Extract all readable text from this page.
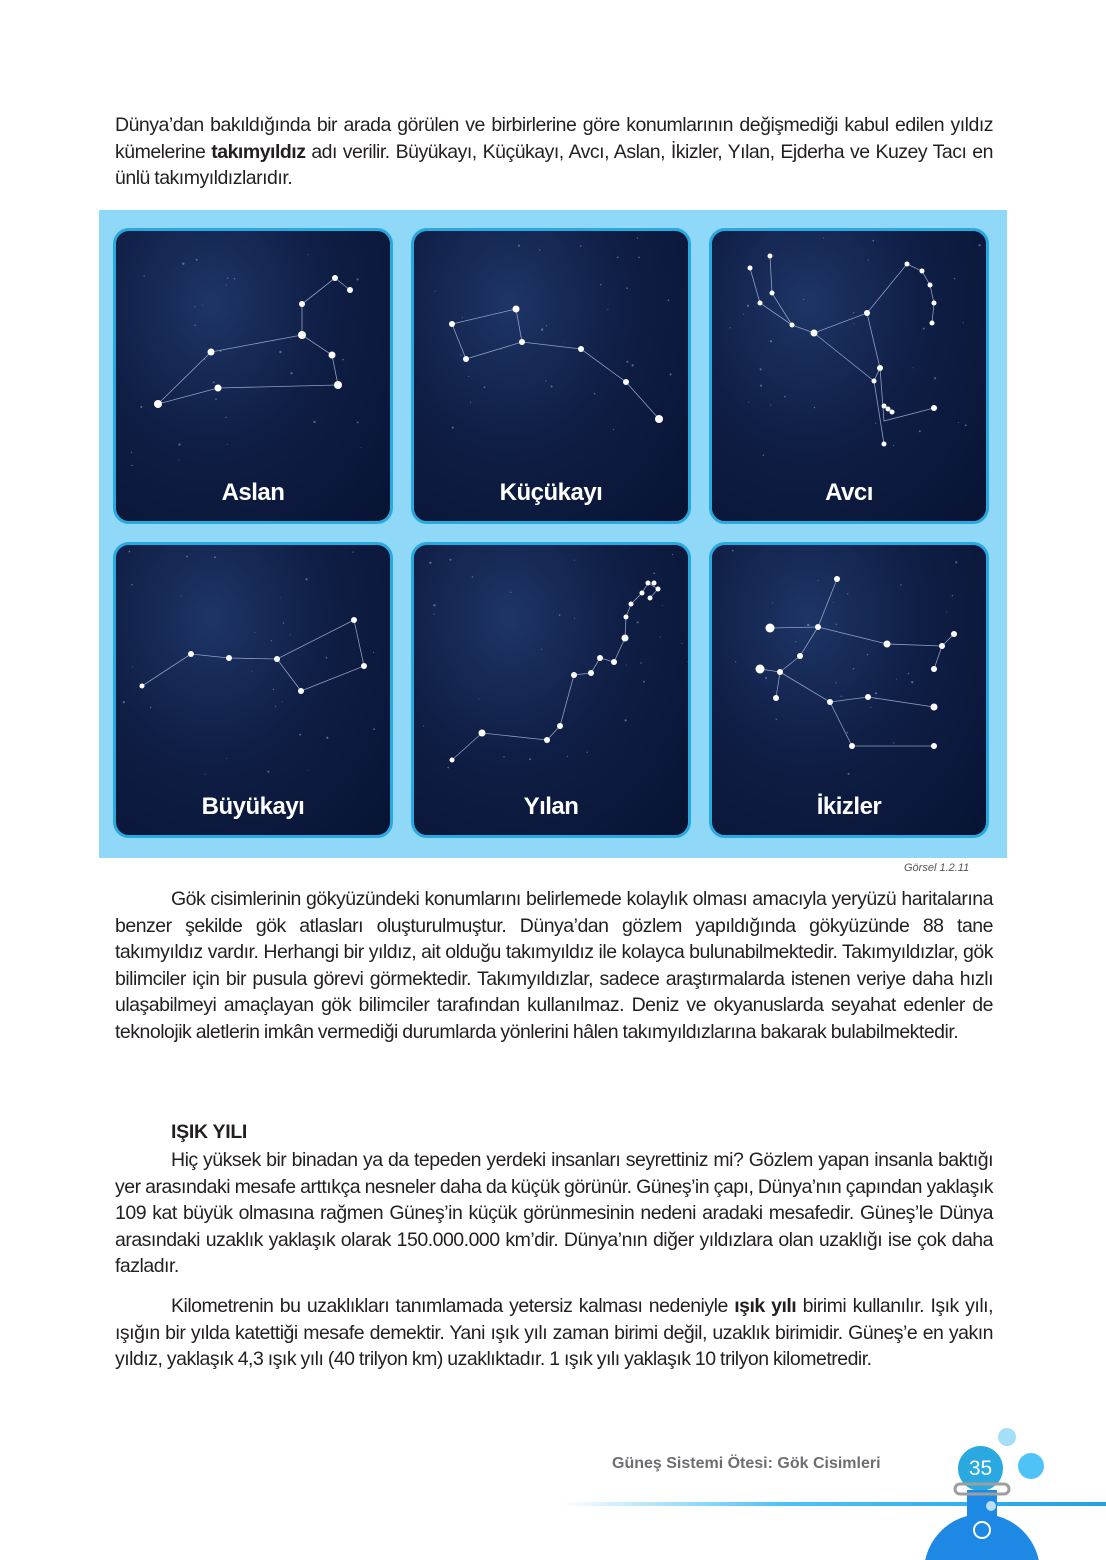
Dünya’dan bakıldığında bir arada görülen ve birbirlerine göre konumlarının değişmediği kabul edilen yıldız kümelerine takımyıldız adı verilir. Büyükayı, Küçükayı, Avcı, Aslan, İkizler, Yılan, Ejderha ve Kuzey Tacı en ünlü takımyıldızlarıdır.
Aslan	Küçükayı	Avcı
Büyükayı	Yılan	İkizler
Görsel 1.2.11
Gök cisimlerinin gökyüzündeki konumlarını belirlemede kolaylık olması amacıyla yeryüzü haritalarına benzer şekilde gök atlasları oluşturulmuştur. Dünya’dan gözlem yapıldığında gökyüzünde 88 tane takımyıldız vardır. Herhangi bir yıldız, ait olduğu takımyıldız ile kolayca bulunabilmektedir. Takımyıldızlar, gök bilimciler için bir pusula görevi görmektedir. Takımyıldızlar, sadece araştırmalarda istenen veriye daha hızlı ulaşabilmeyi amaçlayan gök bilimciler tarafından kullanılmaz. Deniz ve okyanuslarda seyahat edenler de teknolojik aletlerin imkân vermediği durumlarda yönlerini hâlen takımyıldızlarına bakarak bulabilmektedir.
IŞIK YILI
Hiç yüksek bir binadan ya da tepeden yerdeki insanları seyrettiniz mi? Gözlem yapan insanla baktığı yer arasındaki mesafe arttıkça nesneler daha da küçük görünür. Güneş’in çapı, Dünya’nın çapından yaklaşık 109 kat büyük olmasına rağmen Güneş’in küçük görünmesinin nedeni aradaki mesafedir. Güneş’le Dünya arasındaki uzaklık yaklaşık olarak 150.000.000 km’dir. Dünya’nın diğer yıldızlara olan uzaklığı ise çok daha fazladır.
Kilometrenin bu uzaklıkları tanımlamada yetersiz kalması nedeniyle ışık yılı birimi kullanılır. Işık yılı, ışığın bir yılda katettiği mesafe demektir. Yani ışık yılı zaman birimi değil, uzaklık birimidir. Güneş’e en yakın yıldız, yaklaşık 4,3 ışık yılı (40 trilyon km) uzaklıktadır. 1 ışık yılı yaklaşık 10 trilyon kilometredir.
Güneş Sistemi Ötesi: Gök Cisimleri	35
